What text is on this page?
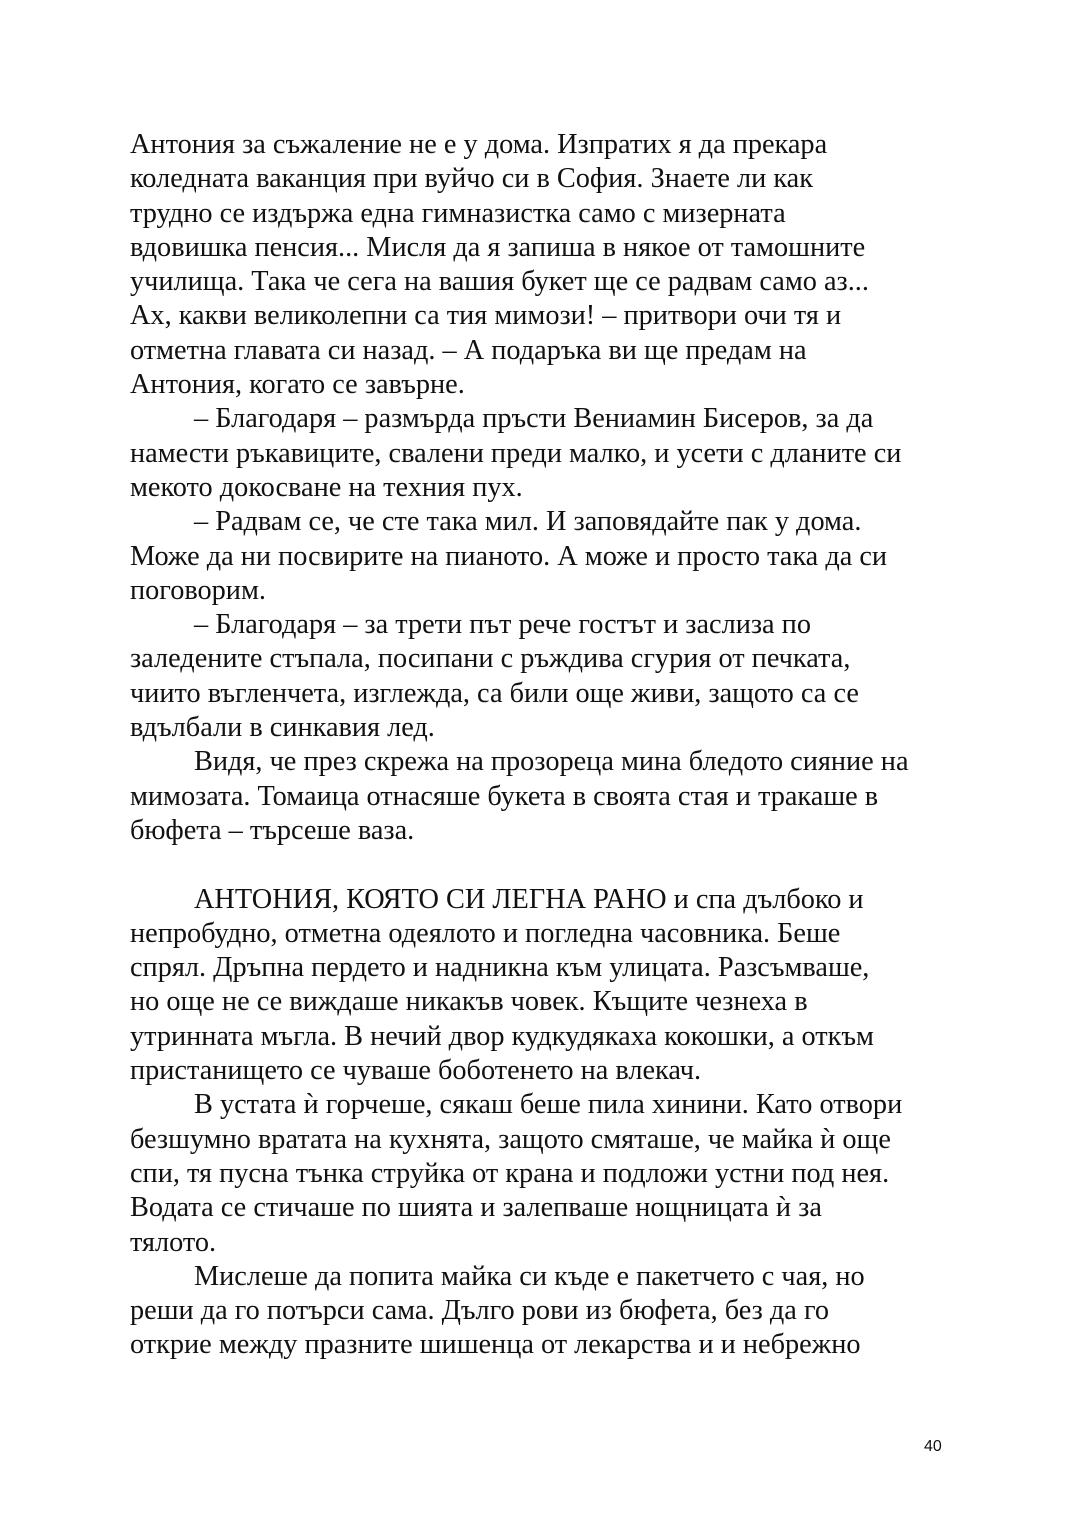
Антония за съжаление не е у дома. Изпратих я да прекара
коледната ваканция при вуйчо си в София. Знаете ли как
трудно се издържа една гимназистка само с мизерната
вдовишка пенсия... Мисля да я запиша в някое от тамошните
училища. Така че сега на вашия букет ще се радвам само аз...
Ах, какви великолепни са тия мимози! – притвори очи тя и
отметна главата си назад. – А подаръка ви ще предам на
Антония, когато се завърне.
– Благодаря – размърда пръсти Вениамин Бисеров, за да
намести ръкавиците, свалени преди малко, и усети с дланите си
мекото докосване на техния пух.
– Радвам се, че сте така мил. И заповядайте пак у дома.
Може да ни посвирите на пианото. А може и просто така да си
поговорим.
– Благодаря – за трети път рече гостът и заслиза по
заледените стъпала, посипани с ръждива сгурия от печката,
чиито въгленчета, изглежда, са били още живи, защото са се
вдълбали в синкавия лед.
Видя, че през скрежа на прозореца мина бледото сияние на
мимозата. Томаица отнасяше букета в своята стая и тракаше в
бюфета – търсеше ваза.
АНТОНИЯ, КОЯТО СИ ЛЕГНА РАНО и спа дълбоко и
непробудно, отметна одеялото и погледна часовника. Беше
спрял. Дръпна пердето и надникна към улицата. Разсъмваше,
но още не се виждаше никакъв човек. Къщите чезнеха в
утринната мъгла. В нечий двор кудкудякаха кокошки, а откъм
пристанището се чуваше боботенето на влекач.
В устата ѝ горчеше, сякаш беше пила хинини. Като отвори
безшумно вратата на кухнята, защото смяташе, че майка ѝ още
спи, тя пусна тънка струйка от крана и подложи устни под нея.
Водата се стичаше по шията и залепваше нощницата ѝ за
тялото.
Мислеше да попита майка си къде е пакетчето с чая, но
реши да го потърси сама. Дълго рови из бюфета, без да го
открие между празните шишенца от лекарства и и небрежно
40
